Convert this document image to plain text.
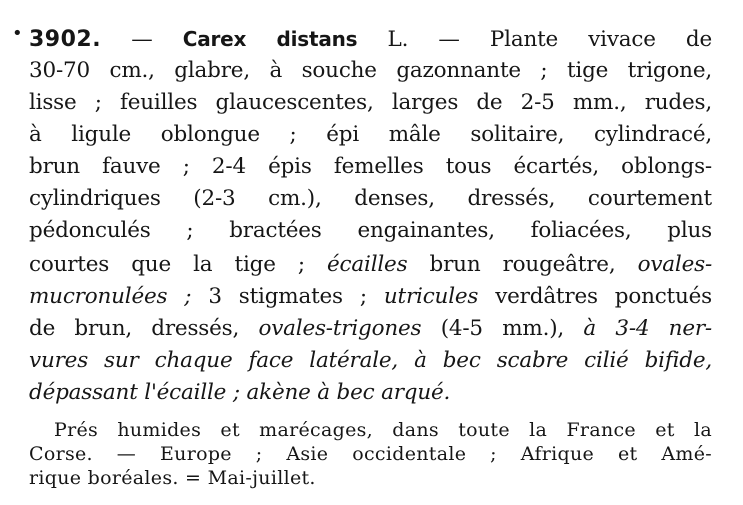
• 3902. — Carex distans L. — Plante vivace de
30-70 cm., glabre, à souche gazonnante ; tige trigone,
lisse ; feuilles glaucescentes, larges de 2-5 mm., rudes,
à ligule oblongue ; épi mâle solitaire, cylindracé,
brun fauve ; 2-4 épis femelles tous écartés, oblongs-
cylindriques (2-3 cm.), denses, dressés, courtement
pédonculés ; bractées engainantes, foliacées, plus
courtes que la tige ; écailles brun rougeâtre, ovales-
mucronulées ; 3 stigmates ; utricules verdâtres ponctués
de brun, dressés, ovales-trigones (4-5 mm.), à 3-4 ner-
vures sur chaque face latérale, à bec scabre cilié bifide,
dépassant l'écaille ; akène à bec arqué.
Prés humides et marécages, dans toute la France et la
Corse. — Europe ; Asie occidentale ; Afrique et Amé-
rique boréales. = Mai-juillet.
